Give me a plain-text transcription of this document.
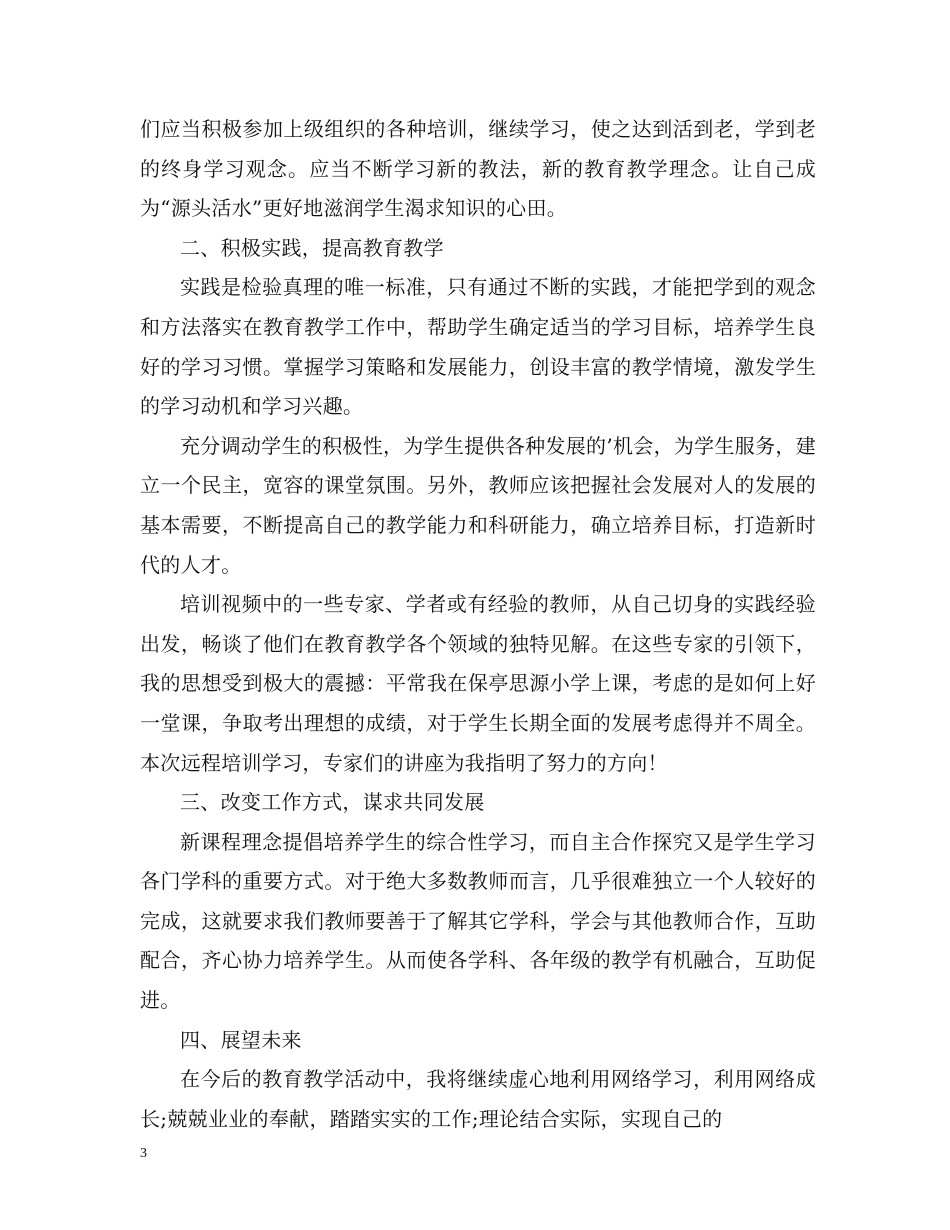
们应当积极参加上级组织的各种培训，继续学习，使之达到活到老，学到老的终身学习观念。应当不断学习新的教法，新的教育教学理念。让自己成为“源头活水”更好地滋润学生渴求知识的心田。

二、积极实践，提高教育教学

实践是检验真理的唯一标准，只有通过不断的实践，才能把学到的观念和方法落实在教育教学工作中，帮助学生确定适当的学习目标，培养学生良好的学习习惯。掌握学习策略和发展能力，创设丰富的教学情境，激发学生的学习动机和学习兴趣。

充分调动学生的积极性，为学生提供各种发展的’机会，为学生服务，建立一个民主，宽容的课堂氛围。另外，教师应该把握社会发展对人的发展的基本需要，不断提高自己的教学能力和科研能力，确立培养目标，打造新时代的人才。

培训视频中的一些专家、学者或有经验的教师，从自己切身的实践经验出发，畅谈了他们在教育教学各个领域的独特见解。在这些专家的引领下，我的思想受到极大的震撼：平常我在保亭思源小学上课，考虑的是如何上好一堂课，争取考出理想的成绩，对于学生长期全面的发展考虑得并不周全。本次远程培训学习，专家们的讲座为我指明了努力的方向！

三、改变工作方式，谋求共同发展

新课程理念提倡培养学生的综合性学习，而自主合作探究又是学生学习各门学科的重要方式。对于绝大多数教师而言，几乎很难独立一个人较好的完成，这就要求我们教师要善于了解其它学科，学会与其他教师合作，互助配合，齐心协力培养学生。从而使各学科、各年级的教学有机融合，互助促进。

四、展望未来

在今后的教育教学活动中，我将继续虚心地利用网络学习，利用网络成长;兢兢业业的奉献，踏踏实实的工作;理论结合实际，实现自己的

3
